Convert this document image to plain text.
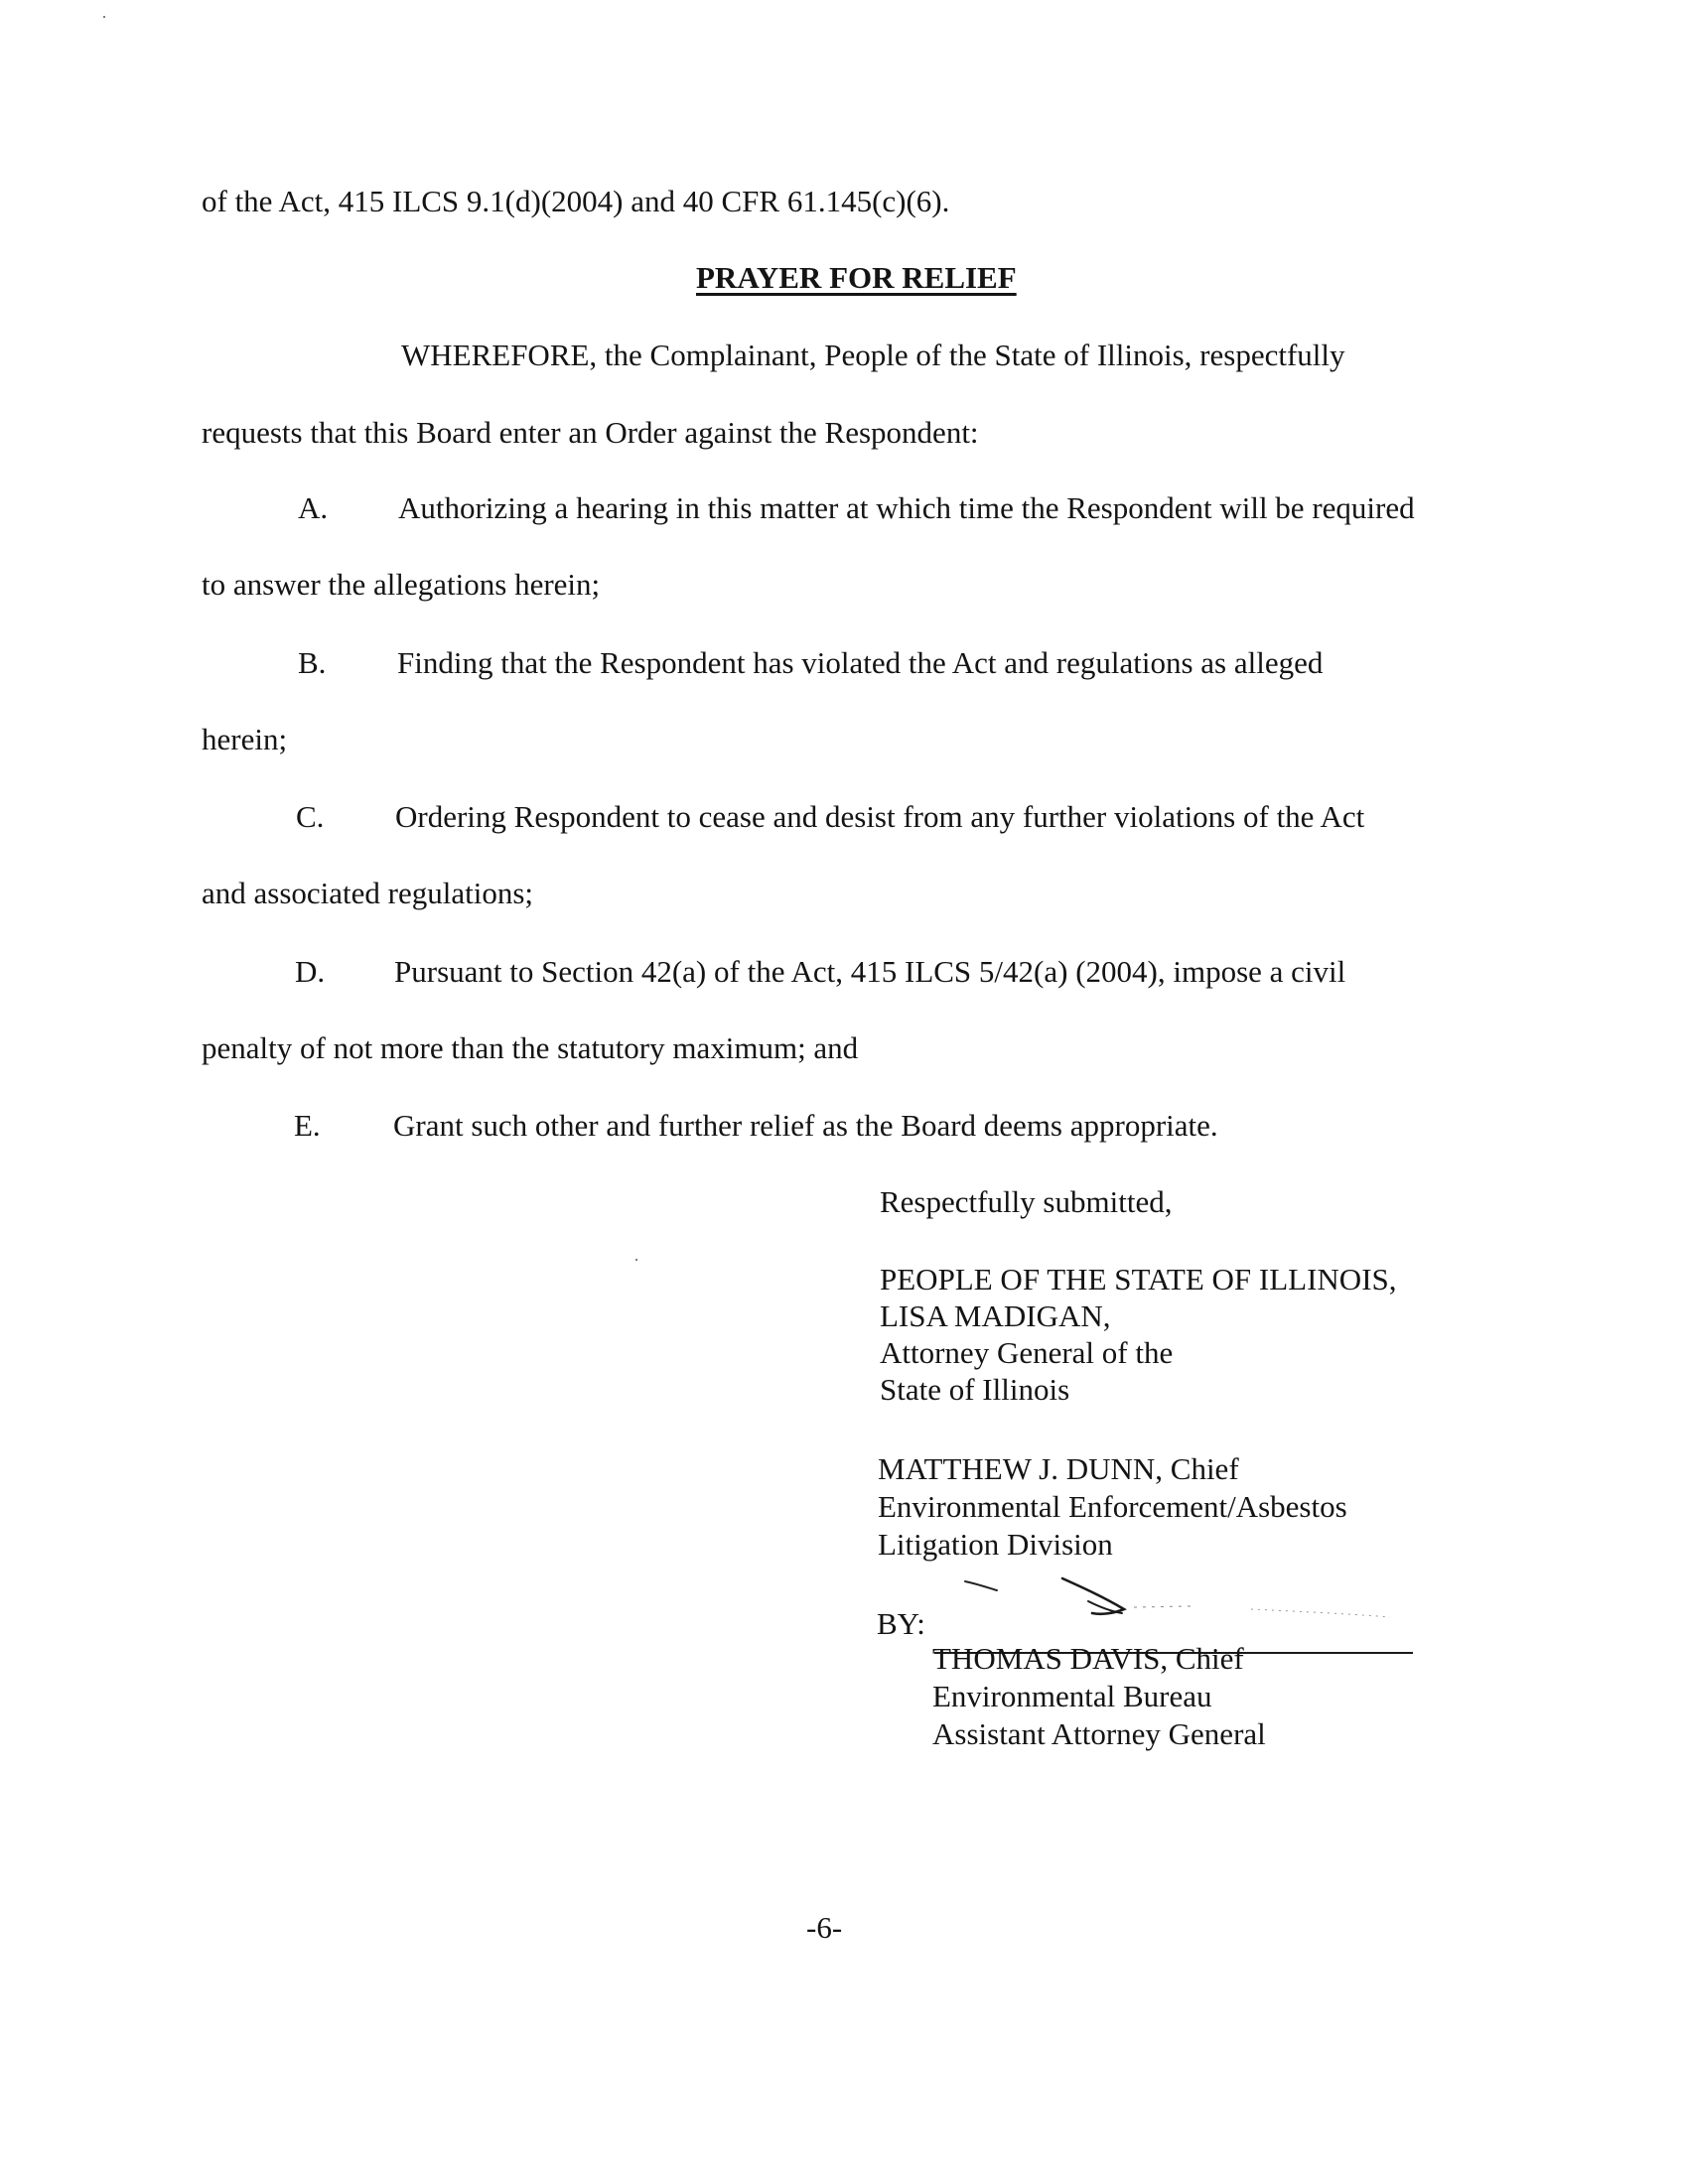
of the Act, 415 ILCS 9.1(d)(2004) and 40 CFR 61.145(c)(6).
PRAYER FOR RELIEF
WHEREFORE, the Complainant, People of the State of Illinois, respectfully
requests that this Board enter an Order against the Respondent:
A.	Authorizing a hearing in this matter at which time the Respondent will be required
to answer the allegations herein;
B.	Finding that the Respondent has violated the Act and regulations as alleged
herein;
C.	Ordering Respondent to cease and desist from any further violations of the Act
and associated regulations;
D.	Pursuant to Section 42(a) of the Act, 415 ILCS 5/42(a) (2004), impose a civil
penalty of not more than the statutory maximum; and
E.	Grant such other and further relief as the Board deems appropriate.
Respectfully submitted,
PEOPLE OF THE STATE OF ILLINOIS,
LISA MADIGAN,
Attorney General of the
State of Illinois
MATTHEW J. DUNN, Chief
Environmental Enforcement/Asbestos
Litigation Division
BY:
THOMAS DAVIS, Chief
Environmental Bureau
Assistant Attorney General
-6-
